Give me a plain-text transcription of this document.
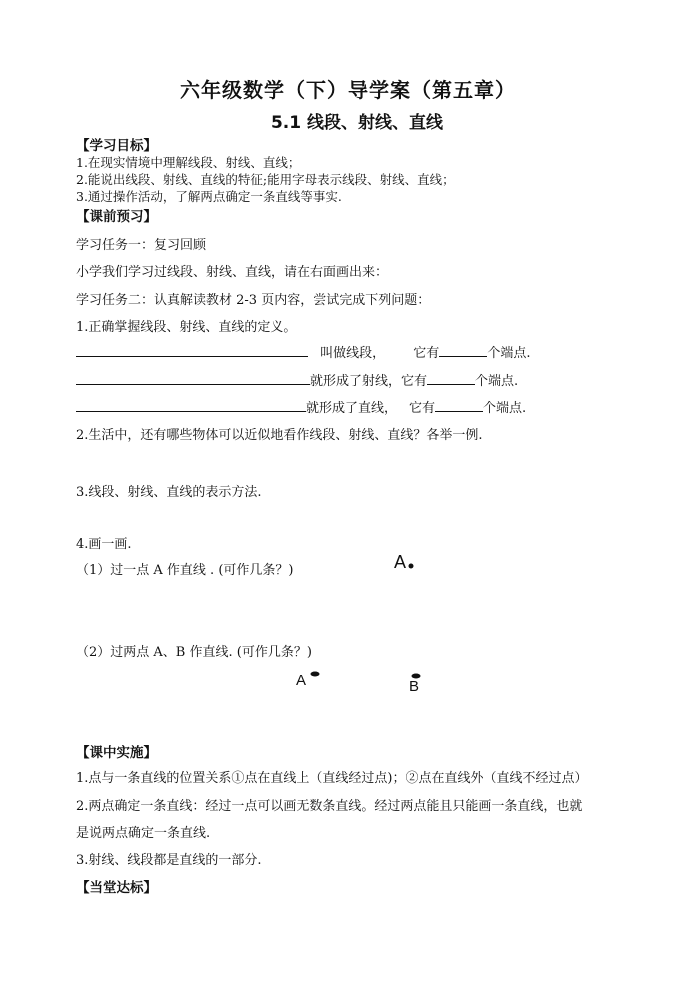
六年级数学（下）导学案（第五章）
5.1 线段、射线、直线
【学习目标】
1.在现实情境中理解线段、射线、直线；
2.能说出线段、射线、直线的特征;能用字母表示线段、射线、直线；
3.通过操作活动，了解两点确定一条直线等事实.
【课前预习】
学习任务一：复习回顾
小学我们学习过线段、射线、直线，请在右面画出来：
学习任务二：认真解读教材 2-3 页内容，尝试完成下列问题：
1.正确掌握线段、射线、直线的定义。
叫做线段， 它有	个端点.
就形成了射线，它有	个端点.
就形成了直线， 它有	个端点.
2.生活中，还有哪些物体可以近似地看作线段、射线、直线？各举一例.
3.线段、射线、直线的表示方法.
4.画一画.
（1）过一点 A 作直线 . (可作几条？)	A
（2）过两点 A、B 作直线. (可作几条？)
A	B
【课中实施】
1.点与一条直线的位置关系①点在直线上（直线经过点)；②点在直线外（直线不经过点）
2.两点确定一条直线：经过一点可以画无数条直线。经过两点能且只能画一条直线，也就
是说两点确定一条直线.
3.射线、线段都是直线的一部分.
【当堂达标】
